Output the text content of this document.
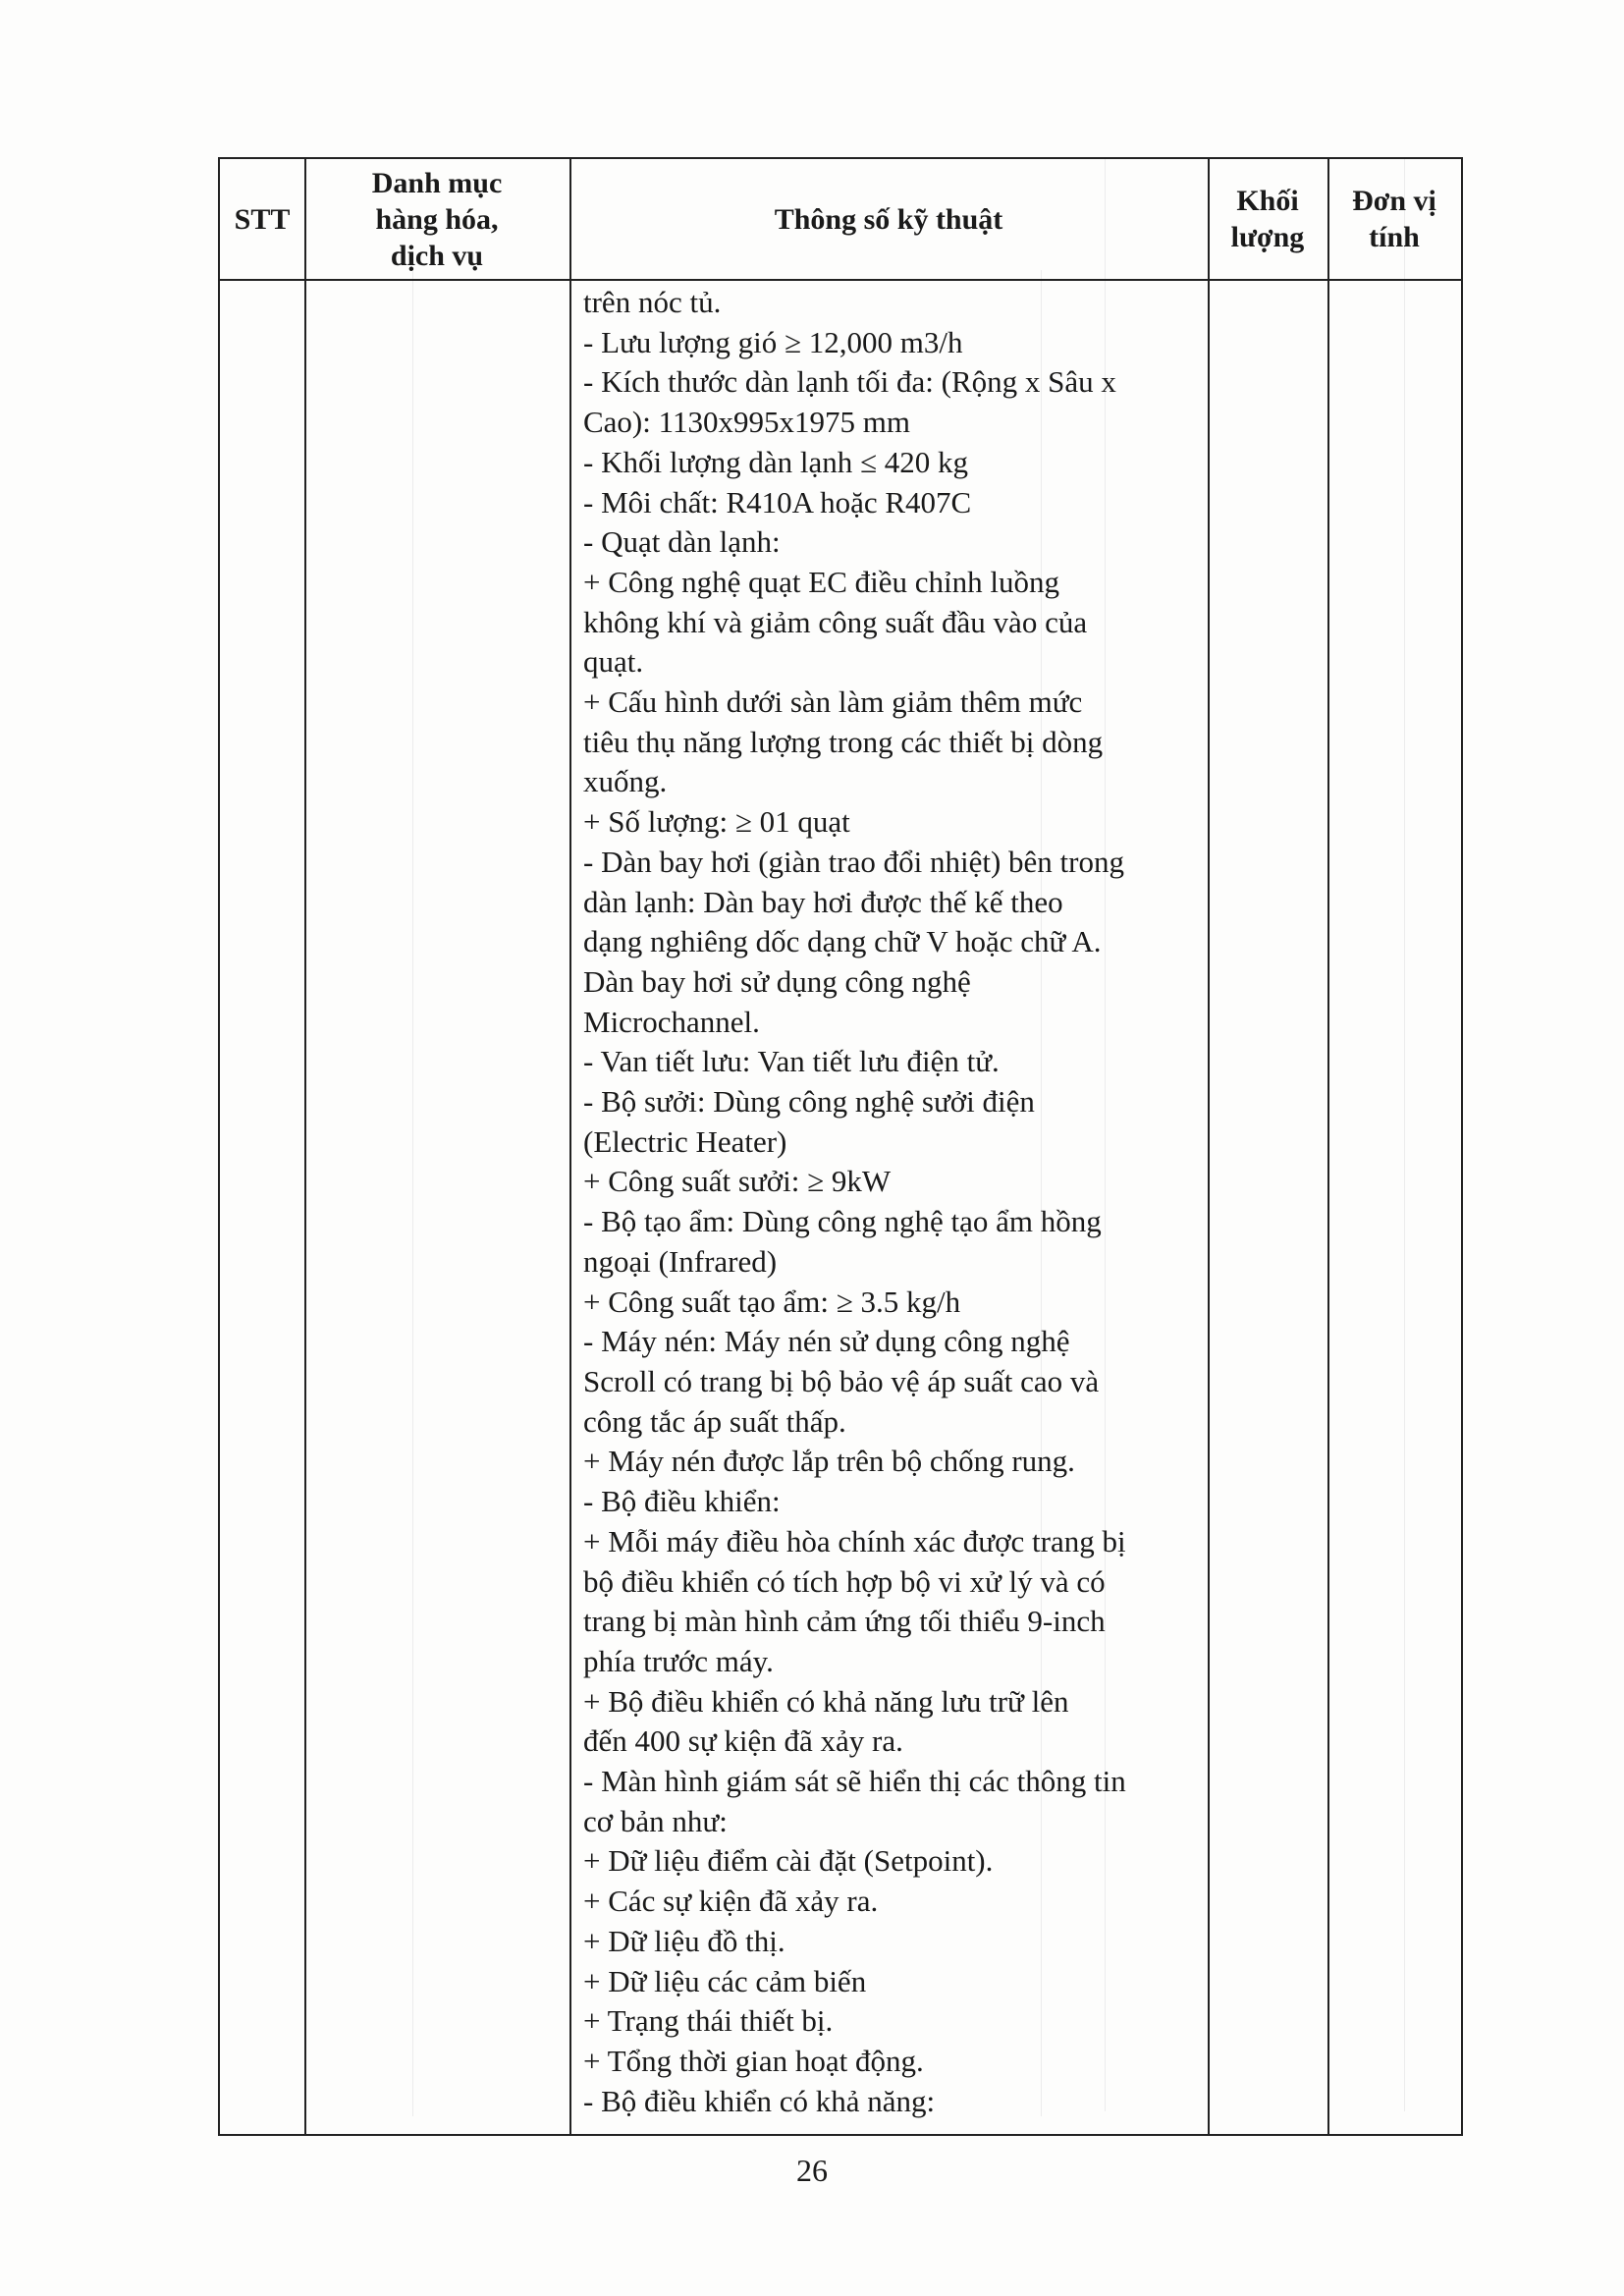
STT
Danh mục
hàng hóa,
dịch vụ
Thông số kỹ thuật
Khối
lượng
Đơn vị
tính
trên nóc tủ.
- Lưu lượng gió ≥ 12,000 m3/h
- Kích thước dàn lạnh tối đa: (Rộng x Sâu x
Cao): 1130x995x1975 mm
- Khối lượng dàn lạnh ≤ 420 kg
- Môi chất: R410A hoặc R407C
- Quạt dàn lạnh:
+ Công nghệ quạt EC điều chỉnh luồng
không khí và giảm công suất đầu vào của
quạt.
+ Cấu hình dưới sàn làm giảm thêm mức
tiêu thụ năng lượng trong các thiết bị dòng
xuống.
+ Số lượng: ≥ 01 quạt
- Dàn bay hơi (giàn trao đổi nhiệt) bên trong
dàn lạnh: Dàn bay hơi được thế kế theo
dạng nghiêng dốc dạng chữ V hoặc chữ A.
Dàn bay hơi sử dụng công nghệ
Microchannel.
- Van tiết lưu: Van tiết lưu điện tử.
- Bộ sưởi: Dùng công nghệ sưởi điện
(Electric Heater)
+ Công suất sưởi: ≥ 9kW
- Bộ tạo ẩm: Dùng công nghệ tạo ẩm hồng
ngoại (Infrared)
+ Công suất tạo ẩm: ≥ 3.5 kg/h
- Máy nén: Máy nén sử dụng công nghệ
Scroll có trang bị bộ bảo vệ áp suất cao và
công tắc áp suất thấp.
+ Máy nén được lắp trên bộ chống rung.
- Bộ điều khiển:
+ Mỗi máy điều hòa chính xác được trang bị
bộ điều khiển có tích hợp bộ vi xử lý và có
trang bị màn hình cảm ứng tối thiểu 9-inch
phía trước máy.
+ Bộ điều khiển có khả năng lưu trữ lên
đến 400 sự kiện đã xảy ra.
- Màn hình giám sát sẽ hiển thị các thông tin
cơ bản như:
+ Dữ liệu điểm cài đặt (Setpoint).
+ Các sự kiện đã xảy ra.
+ Dữ liệu đồ thị.
+ Dữ liệu các cảm biến
+ Trạng thái thiết bị.
+ Tổng thời gian hoạt động.
- Bộ điều khiển có khả năng:
26
